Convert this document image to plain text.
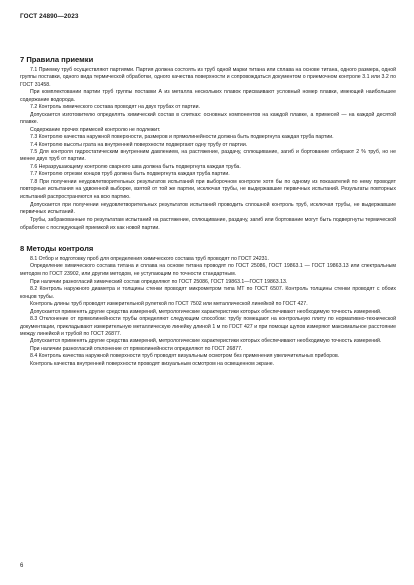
ГОСТ 24890—2023
7 Правила приемки

7.1 Приемку труб осуществляют партиями. Партия должна состоять из труб одной марки титана или сплава на основе титана, одного размера, одной группы поставки, одного вида термической обработки, одного качества поверхности и сопровождаться документом о приемочном контроле 3.1 или 3.2 по ГОСТ 31458.

При комплектовании партии труб группы поставки А из металла нескольких плавок присваивают условный номер плавки, имеющей наибольшее содержание водорода.

7.2 Контроль химического состава проводят на двух трубах от партии.

Допускается изготовителю определять химический состав в слитках: основных компонентов на каждой плавке, а примесей — на каждой десятой плавке.

Содержание прочих примесей контролю не подлежит.

7.3 Контролю качества наружной поверхности, размеров и прямолинейности должна быть подвергнута каждая труба партии.

7.4 Контролю высоты грата на внутренней поверхности подвергают одну трубу от партии.

7.5 Для контроля гидростатическим внутренним давлением, на растяжение, раздачу, сплющивание, загиб и бортование отбирают 2 % труб, но не менее двух труб от партии.

7.6 Неразрушающему контролю сварного шва должна быть подвергнута каждая труба.

7.7 Контролю отрезки концов труб должна быть подвергнута каждая труба партии.

7.8 При получении неудовлетворительных результатов испытаний при выборочном контроле хотя бы по одному из показателей по нему проводят повторные испытания на удвоенной выборке, взятой от той же партии, исключая трубы, не выдержавшие первичных испытаний. Результаты повторных испытаний распространяются на всю партию.

Допускается при получении неудовлетворительных результатов испытаний проводить сплошной контроль труб, исключая трубы, не выдержавшие первичных испытаний.

Трубы, забракованные по результатам испытаний на растяжение, сплющивание, раздачу, загиб или бортование могут быть подвергнуты термической обработке с последующей приемкой их как новой партии.

8 Методы контроля

8.1 Отбор и подготовку проб для определения химического состава труб проводят по ГОСТ 24231.

Определение химического состава титана и сплава на основе титана проводят по ГОСТ 25086, ГОСТ 19863.1 — ГОСТ 19863.13 или спектральным методом по ГОСТ 23902, или другим методом, не уступающим по точности стандартным.

При наличии разногласий химический состав определяют по ГОСТ 25086, ГОСТ 19863.1—ГОСТ 19863.13.

8.2 Контроль наружного диаметра и толщины стенки проводят микрометром типа МТ по ГОСТ 6507. Контроль толщины стенки проводят с обоих концов трубы.

Контроль длины труб проводят измерительной рулеткой по ГОСТ 7502 или металлической линейкой по ГОСТ 427.

Допускается применять другие средства измерений, метрологические характеристики которых обеспечивают необходимую точность измерений.

8.3 Отклонение от прямолинейности трубы определяют следующим способом: трубу помещают на контрольную плиту по нормативно-технической документации, прикладывают измерительную металлическую линейку длиной 1 м по ГОСТ 427 и при помощи щупов измеряют максимальное расстояние между линейкой и трубой по ГОСТ 26877.

Допускается применять другие средства измерений, метрологические характеристики которых обеспечивают необходимую точность измерений.

При наличии разногласий отклонение от прямолинейности определяют по ГОСТ 26877.

8.4 Контроль качества наружной поверхности труб проводят визуальным осмотром без применения увеличительных приборов.

Контроль качества внутренней поверхности проводят визуальным осмотром на освещенном экране.

6
